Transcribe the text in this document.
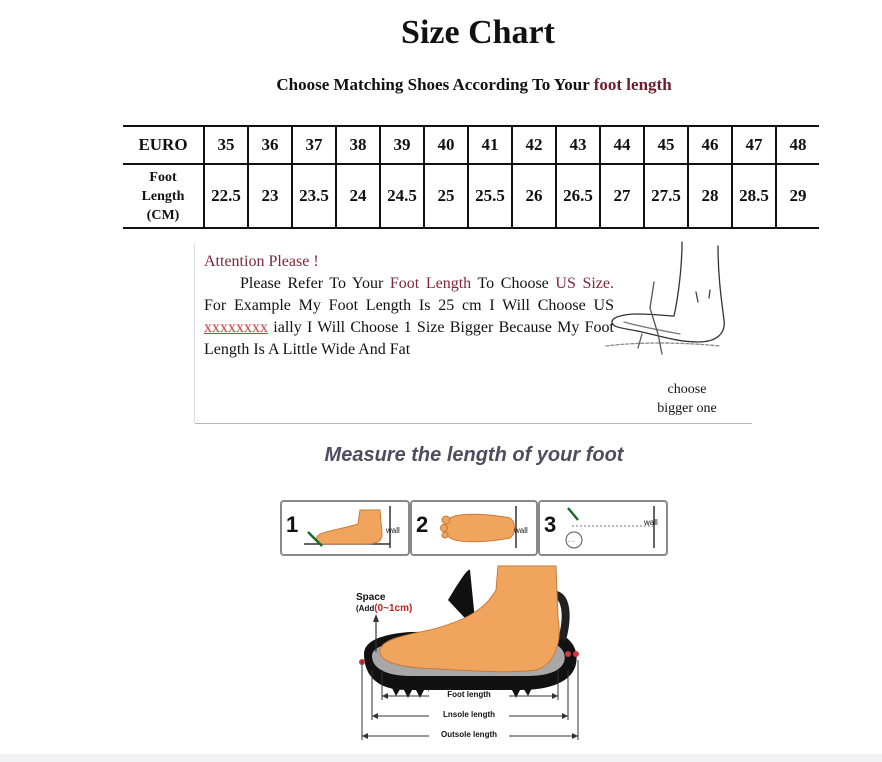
Size Chart
Choose Matching Shoes According To Your foot length
EURO	35	36	37	38	39	40	41	42	43	44	45	46	47	48

Foot
Length
(CM)	22.5	23	23.5	24	24.5	25	25.5	26	26.5	27	27.5	28	28.5	29
Attention Please !
Please Refer To Your Foot Length To Choose US Size. For Example My Foot Length Is 25 cm I Will Choose US xxxxxxxx ially I Will Choose 1 Size Bigger Because My Foot Length Is A Little Wide And Fat
choose
bigger one
Measure the length of your foot
1	wall 2	wall 3
- -
wall
Space
(Add(0~1cm)
Foot length
Lnsole length
Outsole length
